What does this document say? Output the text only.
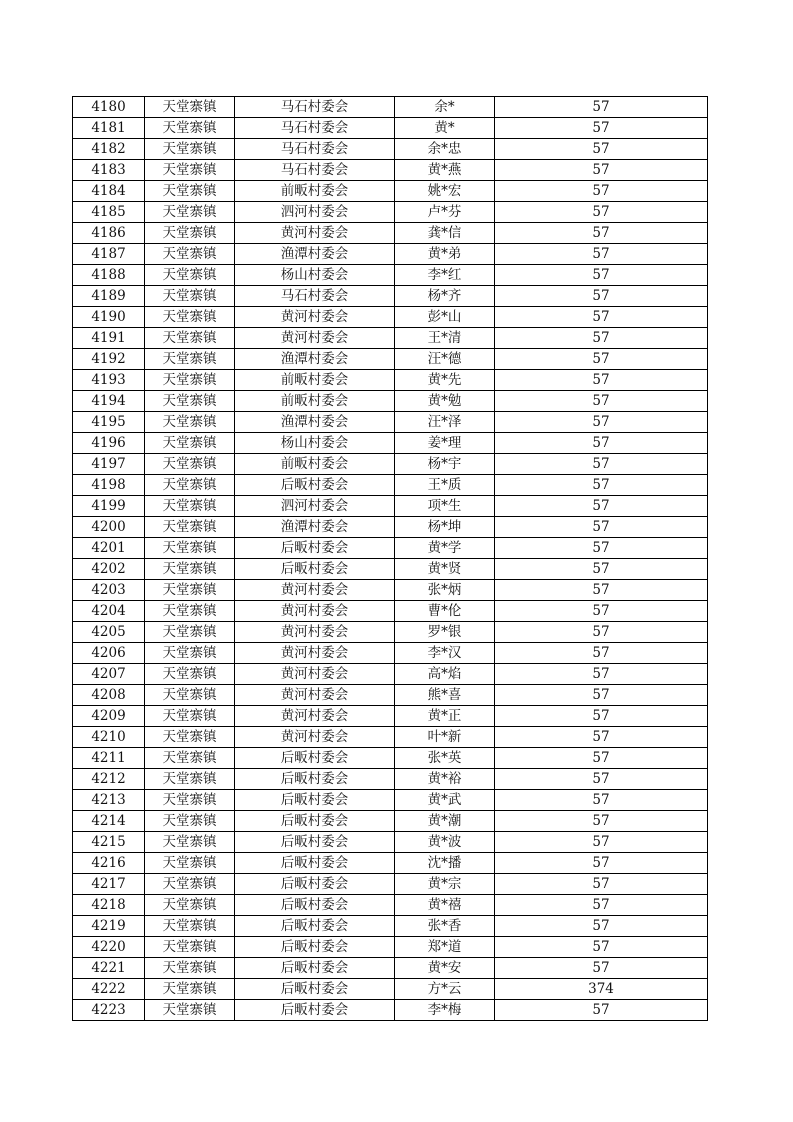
4180	天堂寨镇	马石村委会	余*	57
4181	天堂寨镇	马石村委会	黄*	57
4182	天堂寨镇	马石村委会	余*忠	57
4183	天堂寨镇	马石村委会	黄*燕	57
4184	天堂寨镇	前畈村委会	姚*宏	57
4185	天堂寨镇	泗河村委会	卢*芬	57
4186	天堂寨镇	黄河村委会	龚*信	57
4187	天堂寨镇	渔潭村委会	黄*弟	57
4188	天堂寨镇	杨山村委会	李*红	57
4189	天堂寨镇	马石村委会	杨*齐	57
4190	天堂寨镇	黄河村委会	彭*山	57
4191	天堂寨镇	黄河村委会	王*清	57
4192	天堂寨镇	渔潭村委会	汪*德	57
4193	天堂寨镇	前畈村委会	黄*先	57
4194	天堂寨镇	前畈村委会	黄*勉	57
4195	天堂寨镇	渔潭村委会	汪*泽	57
4196	天堂寨镇	杨山村委会	姜*理	57
4197	天堂寨镇	前畈村委会	杨*宇	57
4198	天堂寨镇	后畈村委会	王*质	57
4199	天堂寨镇	泗河村委会	项*生	57
4200	天堂寨镇	渔潭村委会	杨*坤	57
4201	天堂寨镇	后畈村委会	黄*学	57
4202	天堂寨镇	后畈村委会	黄*贤	57
4203	天堂寨镇	黄河村委会	张*炳	57
4204	天堂寨镇	黄河村委会	曹*伦	57
4205	天堂寨镇	黄河村委会	罗*银	57
4206	天堂寨镇	黄河村委会	李*汉	57
4207	天堂寨镇	黄河村委会	高*焰	57
4208	天堂寨镇	黄河村委会	熊*喜	57
4209	天堂寨镇	黄河村委会	黄*正	57
4210	天堂寨镇	黄河村委会	叶*新	57
4211	天堂寨镇	后畈村委会	张*英	57
4212	天堂寨镇	后畈村委会	黄*裕	57
4213	天堂寨镇	后畈村委会	黄*武	57
4214	天堂寨镇	后畈村委会	黄*潮	57
4215	天堂寨镇	后畈村委会	黄*波	57
4216	天堂寨镇	后畈村委会	沈*播	57
4217	天堂寨镇	后畈村委会	黄*宗	57
4218	天堂寨镇	后畈村委会	黄*禧	57
4219	天堂寨镇	后畈村委会	张*香	57
4220	天堂寨镇	后畈村委会	郑*道	57
4221	天堂寨镇	后畈村委会	黄*安	57
4222	天堂寨镇	后畈村委会	方*云	374
4223	天堂寨镇	后畈村委会	李*梅	57
